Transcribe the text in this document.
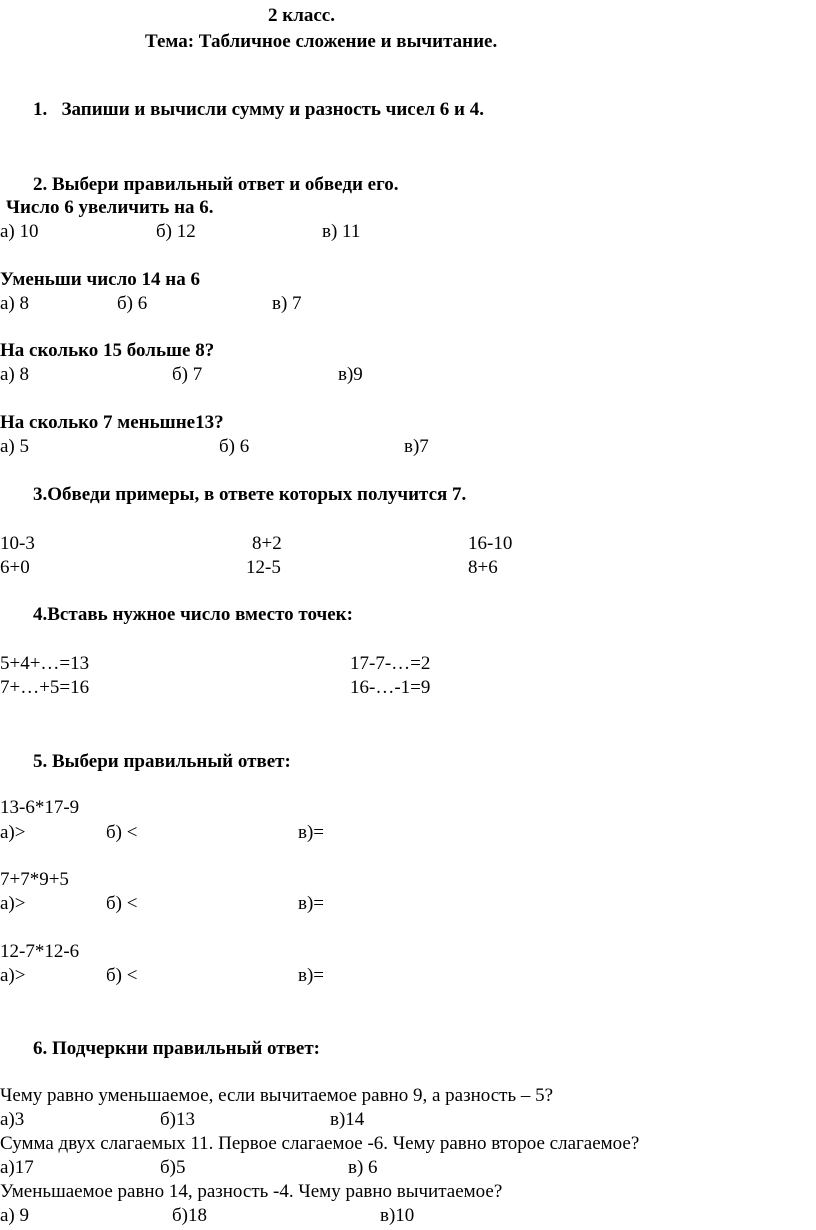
2 класс.
Тема: Табличное сложение и вычитание.
1.   Запиши и вычисли сумму и разность чисел 6 и 4.
2. Выбери правильный ответ и обведи его.
Число 6 увеличить на 6.
а) 10	б) 12	в) 11
Уменьши число 14 на 6
а) 8	б) 6	в) 7
На сколько 15 больше 8?
а) 8	б) 7	в)9
На сколько 7 меньшне13?
а) 5	б) 6	в)7
3.Обведи примеры, в ответе которых получится 7.
10-3	8+2	16-10
6+0	12-5	8+6
4.Вставь нужное число вместо точек:
5+4+…=13	17-7-…=2
7+…+5=16	16-…-1=9
5. Выбери правильный ответ:
13-6*17-9
а)>	б) <	в)=
7+7*9+5
а)>	б) <	в)=
12-7*12-6
а)>	б) <	в)=
6. Подчеркни правильный ответ:
Чему равно уменьшаемое, если вычитаемое равно 9, а разность – 5?
а)3	б)13	в)14
Сумма двух слагаемых 11. Первое слагаемое -6. Чему равно второе слагаемое?
а)17	б)5	в) 6
Уменьшаемое равно 14, разность -4. Чему равно вычитаемое?
а) 9	б)18	в)10
